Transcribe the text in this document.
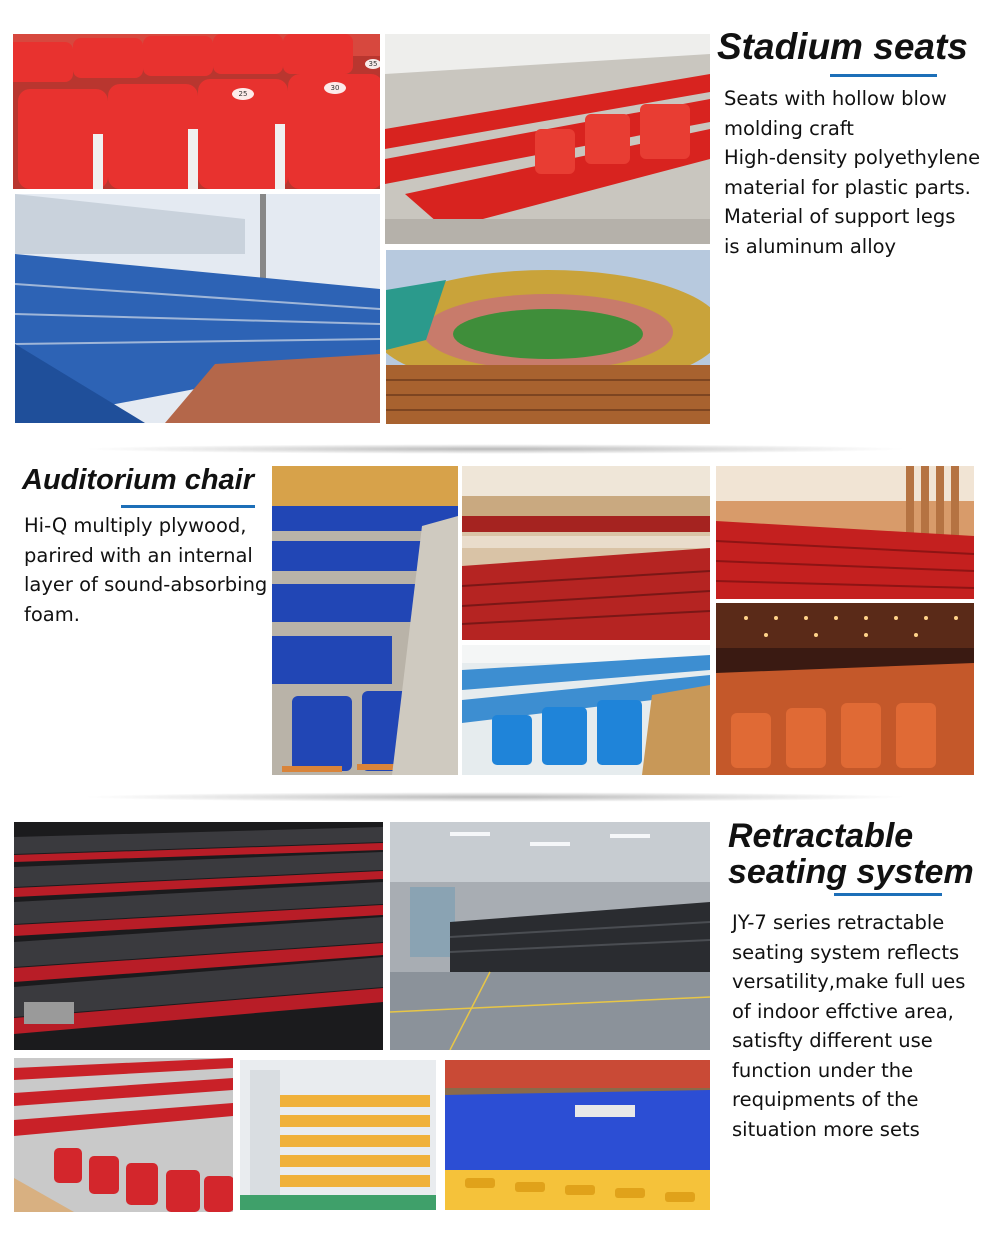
25
30
35	Stadium seats
Seats with hollow blow
molding craft
High-density polyethylene
material for plastic parts.
Material of support legs
is aluminum alloy
Auditorium chair
Hi-Q multiply plywood,
parired with an internal
layer of sound-absorbing
foam.
Retractable
seating system
JY-7 series retractable
seating system reflects
versatility,make full ues
of indoor effctive area,
satisfty different use
function under the
requipments of the
situation more sets
